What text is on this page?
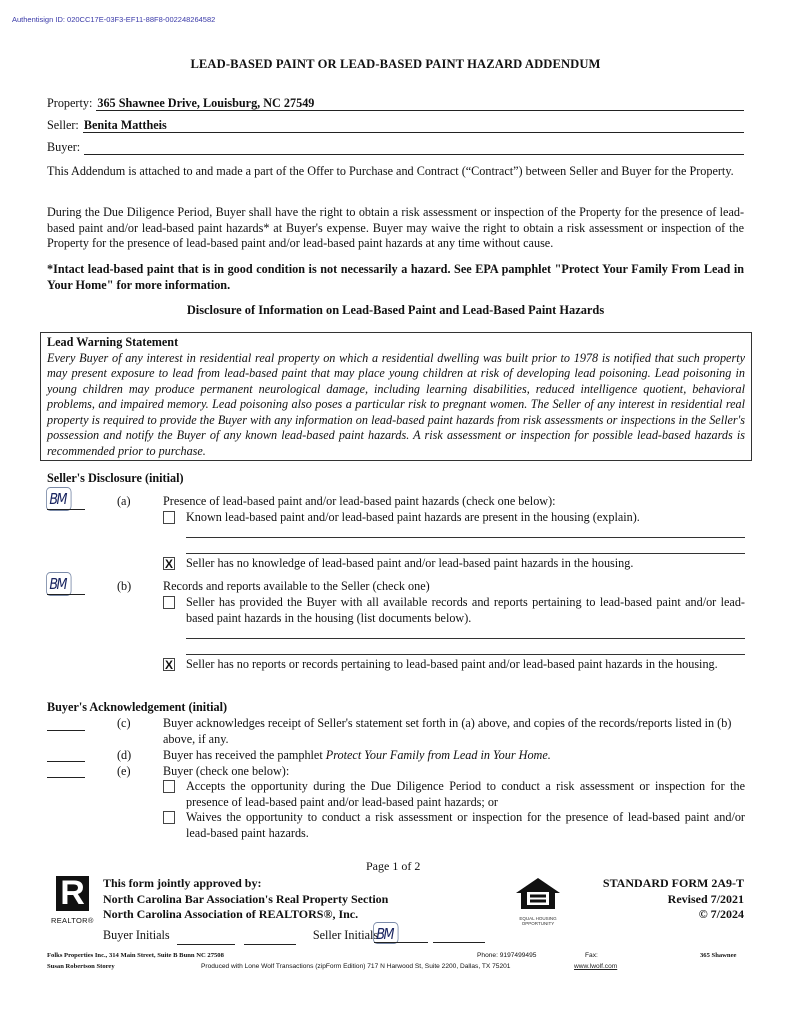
Authentisign ID: 020CC17E-03F3-EF11-88F8-002248264582
LEAD-BASED PAINT OR LEAD-BASED PAINT HAZARD ADDENDUM
Property: 365 Shawnee Drive, Louisburg, NC 27549
Seller: Benita Mattheis
Buyer:
This Addendum is attached to and made a part of the Offer to Purchase and Contract (“Contract”) between Seller and Buyer for the Property.
During the Due Diligence Period, Buyer shall have the right to obtain a risk assessment or inspection of the Property for the presence of lead-based paint and/or lead-based paint hazards* at Buyer's expense. Buyer may waive the right to obtain a risk assessment or inspection of the Property for the presence of lead-based paint and/or lead-based paint hazards at any time without cause.
*Intact lead-based paint that is in good condition is not necessarily a hazard. See EPA pamphlet "Protect Your Family From Lead in Your Home" for more information.
Disclosure of Information on Lead-Based Paint and Lead-Based Paint Hazards
Lead Warning Statement
Every Buyer of any interest in residential real property on which a residential dwelling was built prior to 1978 is notified that such property may present exposure to lead from lead-based paint that may place young children at risk of developing lead poisoning. Lead poisoning in young children may produce permanent neurological damage, including learning disabilities, reduced intelligence quotient, behavioral problems, and impaired memory. Lead poisoning also poses a particular risk to pregnant women. The Seller of any interest in residential real property is required to provide the Buyer with any information on lead-based paint hazards from risk assessments or inspections in the Seller's possession and notify the Buyer of any known lead-based paint hazards. A risk assessment or inspection for possible lead-based hazards is recommended prior to purchase.
Seller's Disclosure (initial)
BM	(a)	Presence of lead-based paint and/or lead-based paint hazards (check one below):
Known lead-based paint and/or lead-based paint hazards are present in the housing (explain).
X Seller has no knowledge of lead-based paint and/or lead-based paint hazards in the housing.
BM	(b)	Records and reports available to the Seller (check one)
Seller has provided the Buyer with all available records and reports pertaining to lead-based paint and/or lead-based paint hazards in the housing (list documents below).
X Seller has no reports or records pertaining to lead-based paint and/or lead-based paint hazards in the housing.
Buyer's Acknowledgement (initial)
(c)	Buyer acknowledges receipt of Seller's statement set forth in (a) above, and copies of the records/reports listed in (b) above, if any.
(d)	Buyer has received the pamphlet Protect Your Family from Lead in Your Home.
(e)	Buyer (check one below):
Accepts the opportunity during the Due Diligence Period to conduct a risk assessment or inspection for the presence of lead-based paint and/or lead-based paint hazards; or
Waives the opportunity to conduct a risk assessment or inspection for the presence of lead-based paint and/or lead-based paint hazards.
Page 1 of 2
R
REALTOR®
This form jointly approved by:
North Carolina Bar Association's Real Property Section
North Carolina Association of REALTORS®, Inc.	EQUAL HOUSING
OPPORTUNITY
STANDARD FORM 2A9-T
Revised 7/2021
© 7/2024
Buyer Initials	Seller Initials
BM
Folks Properties Inc., 314 Main Street, Suite B Bunn NC 27508
Susan Robertson Storey
Phone: 9197499495	Fax:	365 Shawnee
Produced with Lone Wolf Transactions (zipForm Edition) 717 N Harwood St, Suite 2200, Dallas, TX 75201	www.lwolf.com
